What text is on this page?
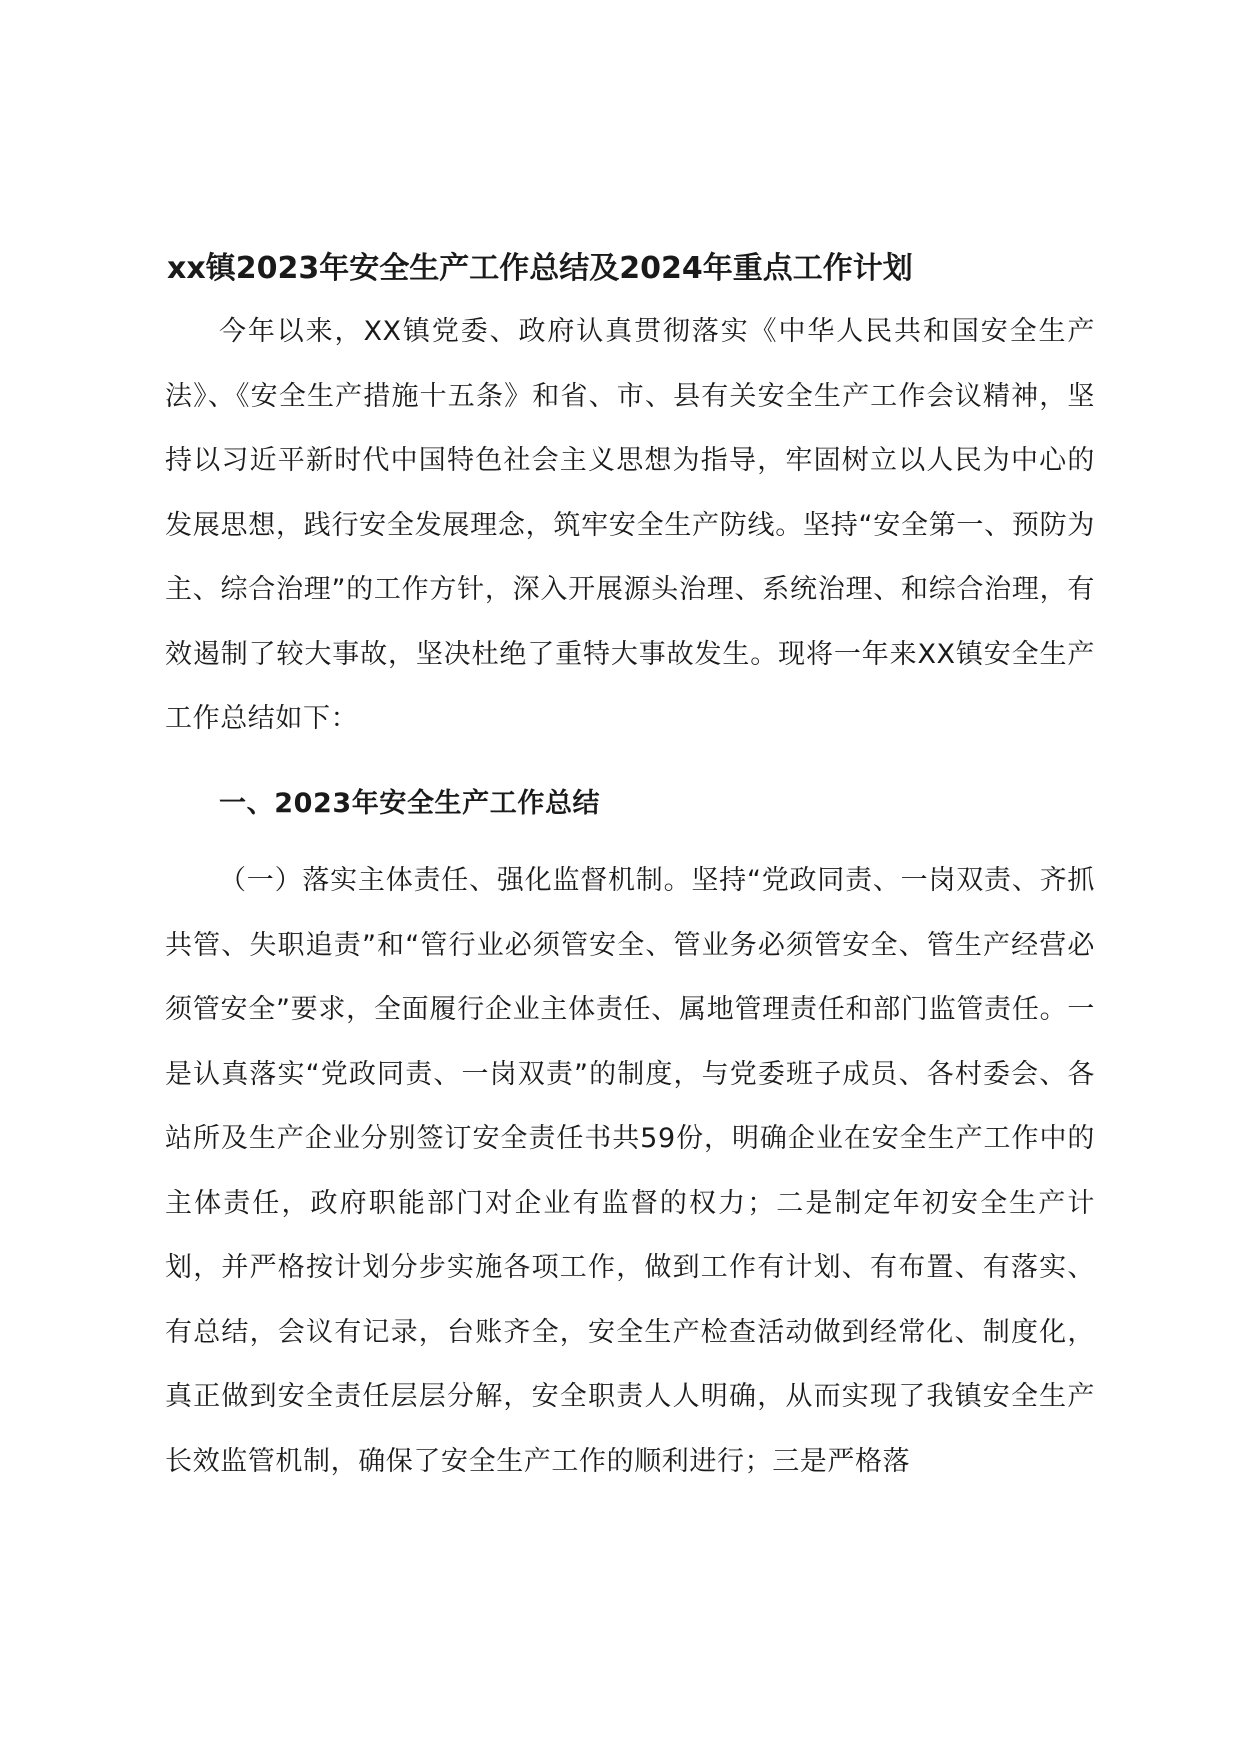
xx镇2023年安全生产工作总结及2024年重点工作计划

今年以来，XX镇党委、政府认真贯彻落实《中华人民共和国安全生产法》、《安全生产措施十五条》和省、市、县有关安全生产工作会议精神，坚持以习近平新时代中国特色社会主义思想为指导，牢固树立以人民为中心的发展思想，践行安全发展理念，筑牢安全生产防线。坚持“安全第一、预防为主、综合治理”的工作方针，深入开展源头治理、系统治理、和综合治理，有效遏制了较大事故，坚决杜绝了重特大事故发生。现将一年来XX镇安全生产工作总结如下：

一、2023年安全生产工作总结

（一）落实主体责任、强化监督机制。坚持“党政同责、一岗双责、齐抓共管、失职追责”和“管行业必须管安全、管业务必须管安全、管生产经营必须管安全”要求，全面履行企业主体责任、属地管理责任和部门监管责任。一是认真落实“党政同责、一岗双责”的制度，与党委班子成员、各村委会、各站所及生产企业分别签订安全责任书共59份，明确企业在安全生产工作中的主体责任，政府职能部门对企业有监督的权力；二是制定年初安全生产计划，并严格按计划分步实施各项工作，做到工作有计划、有布置、有落实、有总结，会议有记录，台账齐全，安全生产检查活动做到经常化、制度化，真正做到安全责任层层分解，安全职责人人明确，从而实现了我镇安全生产长效监管机制，确保了安全生产工作的顺利进行；三是严格落
